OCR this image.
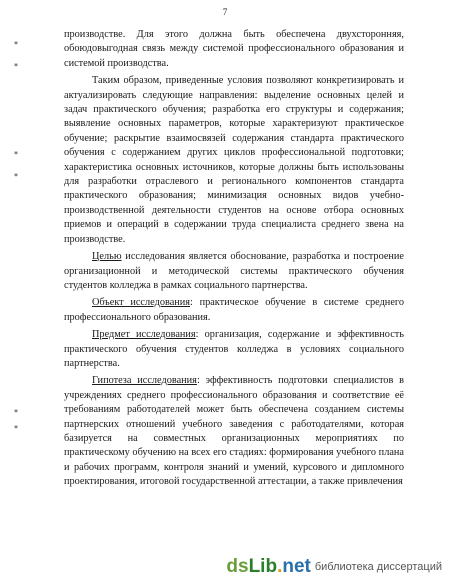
7
*
*
*
*
*
*

производстве. Для этого должна быть обеспечена двухсторонняя, обоюдовыгодная связь между системой профессионального образования и системой производства.

Таким образом, приведенные условия позволяют конкретизировать и актуализировать следующие направления: выделение основных целей и задач практического обучения; разработка его структуры и содержания; выявление основных параметров, которые характеризуют практическое обучение; раскрытие взаимосвязей содержания стандарта практического обучения с содержанием других циклов профессиональной подготовки; характеристика основных источников, которые должны быть использованы для разработки отраслевого и регионального компонентов стандарта практического образования; минимизация основных видов учебно-производственной деятельности студентов на основе отбора основных приемов и операций в содержании труда специалиста среднего звена на производстве.

Целью исследования является обоснование, разработка и построение организационной и методической системы практического обучения студентов колледжа в рамках социального партнерства.

Объект исследования: практическое обучение в системе среднего профессионального образования.

Предмет исследования: организация, содержание и эффективность практического обучения студентов колледжа в условиях социального партнерства.

Гипотеза исследования: эффективность подготовки специалистов в учреждениях среднего профессионального образования и соответствие её требованиям работодателей может быть обеспечена созданием системы партнерских отношений учебного заведения с работодателями, которая базируется на совместных организационных мероприятиях по практическому обучению на всех его стадиях: формирования учебного плана и рабочих программ, контроля знаний и умений, курсового и дипломного проектирования, итоговой государственной аттестации, а также привлечения

ds Lib . net библиотека диссертаций
